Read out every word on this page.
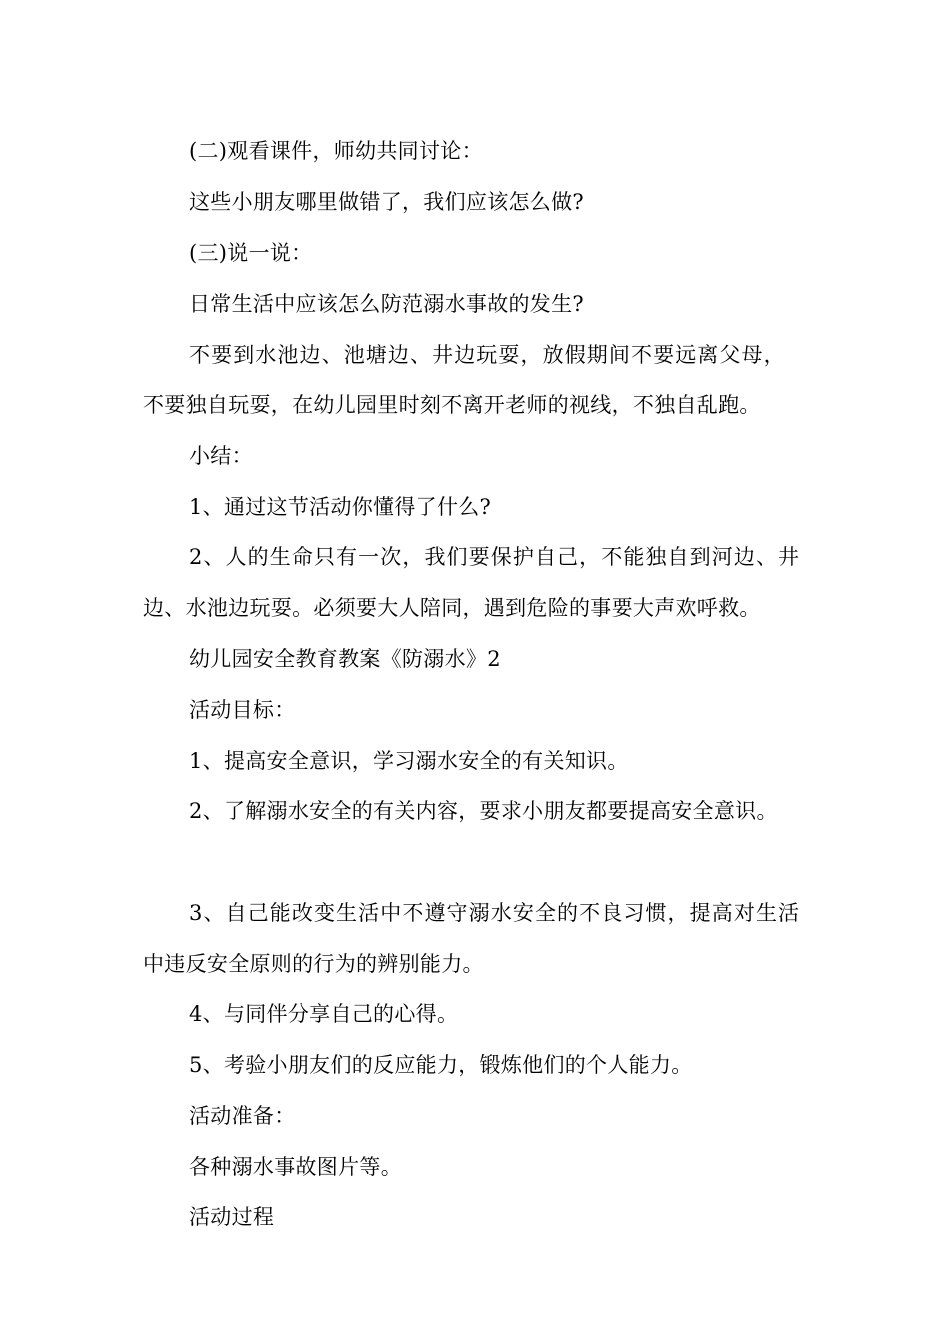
(二)观看课件，师幼共同讨论：
这些小朋友哪里做错了，我们应该怎么做?
(三)说一说：
日常生活中应该怎么防范溺水事故的发生?
不要到水池边、池塘边、井边玩耍，放假期间不要远离父母，
不要独自玩耍，在幼儿园里时刻不离开老师的视线，不独自乱跑。
小结：
1、通过这节活动你懂得了什么?
2、人的生命只有一次，我们要保护自己，不能独自到河边、井
边、水池边玩耍。必须要大人陪同，遇到危险的事要大声欢呼救。
幼儿园安全教育教案《防溺水》2
活动目标：
1、提高安全意识，学习溺水安全的有关知识。
2、了解溺水安全的有关内容，要求小朋友都要提高安全意识。
3、自己能改变生活中不遵守溺水安全的不良习惯，提高对生活
中违反安全原则的行为的辨别能力。
4、与同伴分享自己的心得。
5、考验小朋友们的反应能力，锻炼他们的个人能力。
活动准备：
各种溺水事故图片等。
活动过程
